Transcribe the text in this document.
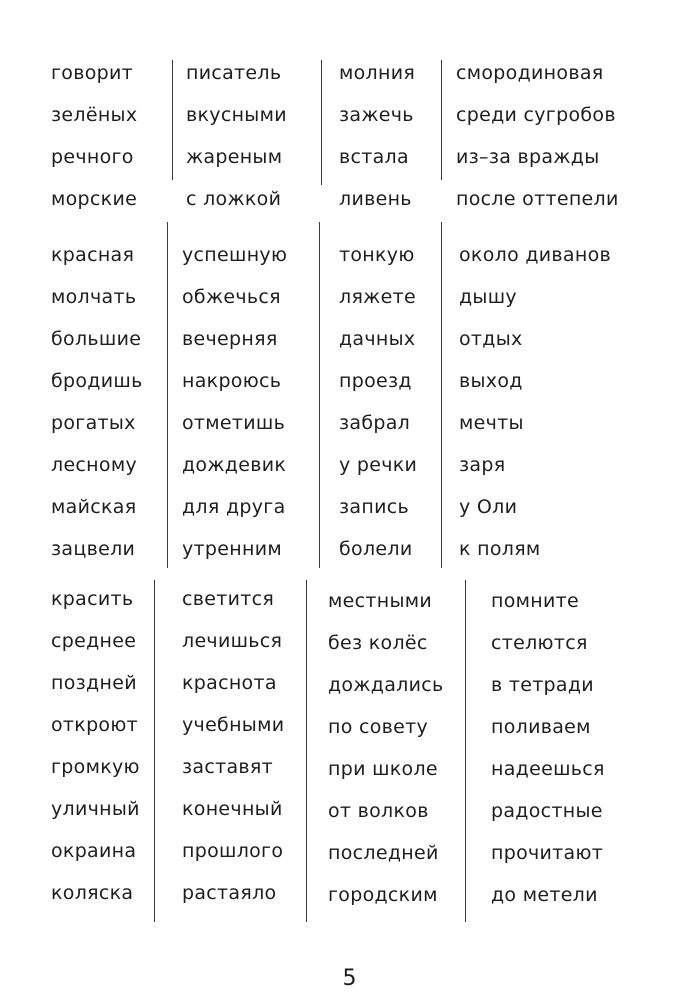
говорит
зелёных
речного
морские
писатель
вкусными
жареным
с ложкой
молния
зажечь
встала
ливень
смородиновая
среди сугробов
из–за вражды
после оттепели
красная
молчать
большие
бродишь
рогатых
лесному
майская
зацвели
успешную
обжечься
вечерняя
накроюсь
отметишь
дождевик
для друга
утренним
тонкую
ляжете
дачных
проезд
забрал
у речки
запись
болели
около диванов
дышу
отдых
выход
мечты
заря
у Оли
к полям
красить
среднее
поздней
откроют
громкую
уличный
окраина
коляска
светится
лечишься
краснота
учебными
заставят
конечный
прошлого
растаяло
местными
без колёс
дождались
по совету
при школе
от волков
последней
городским
помните
стелются
в тетради
поливаем
надеешься
радостные
прочитают
до метели
5
